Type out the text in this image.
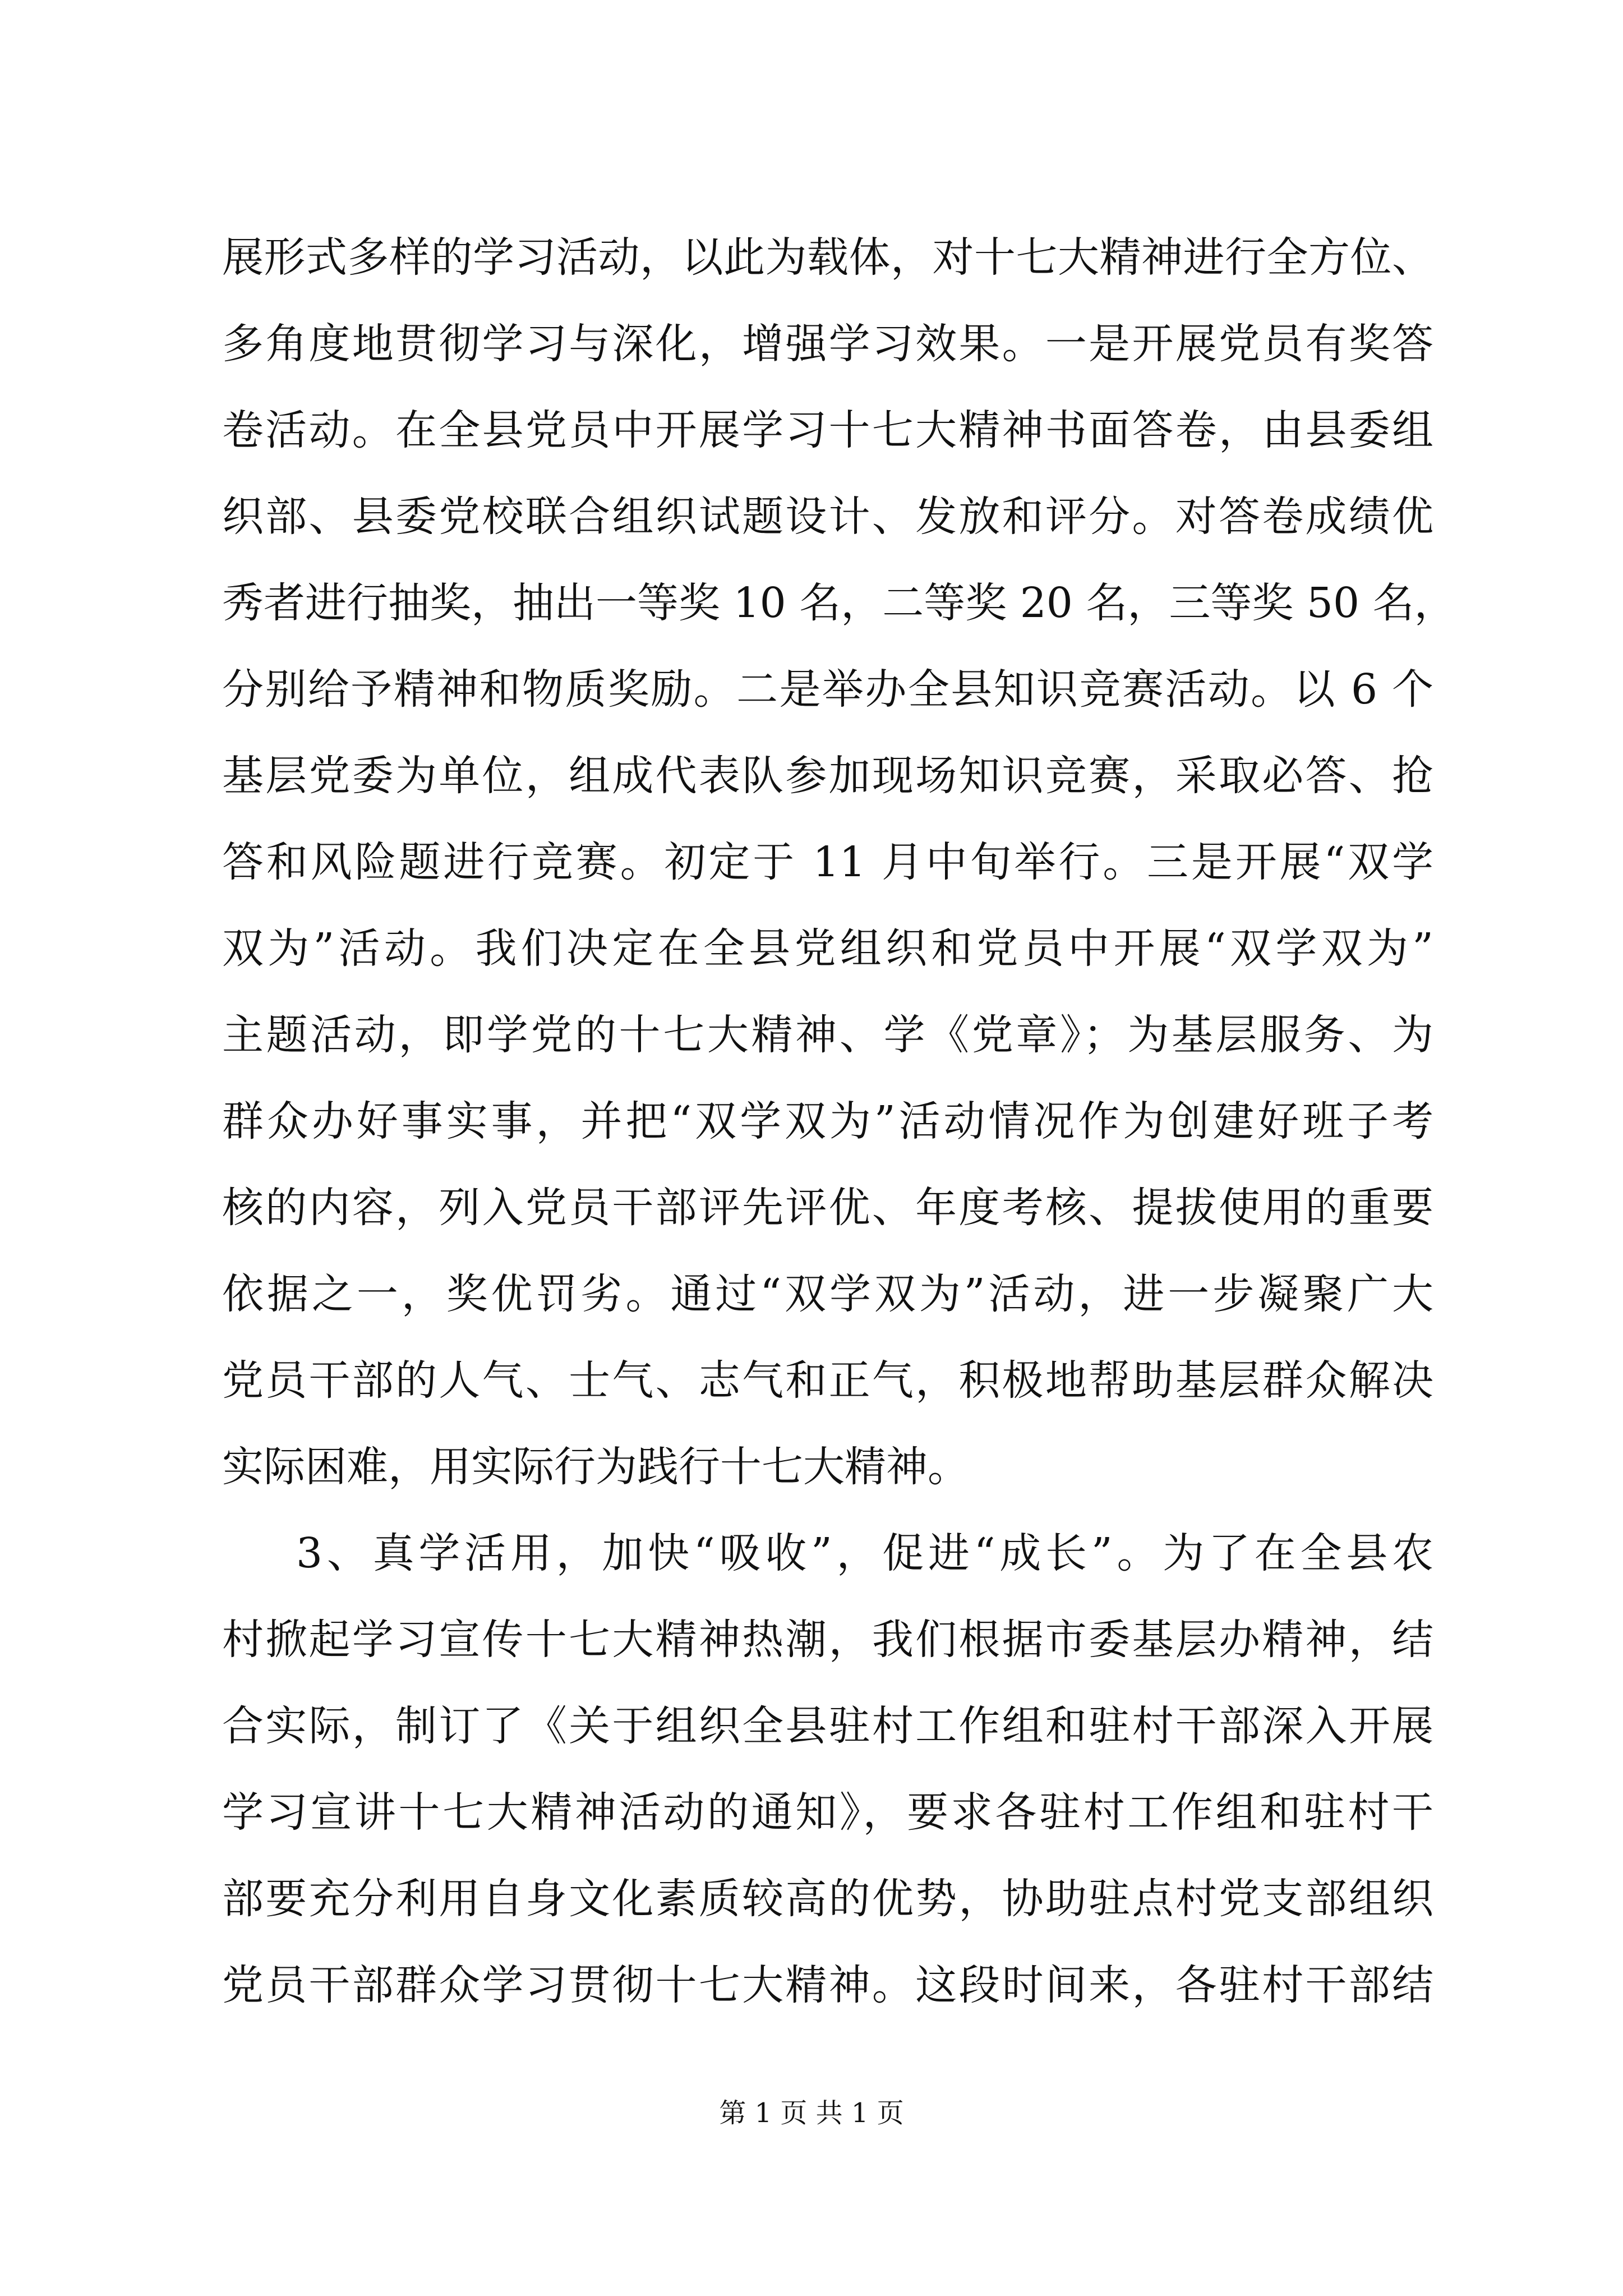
展形式多样的学习活动，以此为载体，对十七大精神进行全方位、
多角度地贯彻学习与深化，增强学习效果。一是开展党员有奖答
卷活动。在全县党员中开展学习十七大精神书面答卷，由县委组
织部、县委党校联合组织试题设计、发放和评分。对答卷成绩优
秀者进行抽奖，抽出一等奖 10 名，二等奖 20 名，三等奖 50 名，
分别给予精神和物质奖励。二是举办全县知识竞赛活动。以 6 个
基层党委为单位，组成代表队参加现场知识竞赛，采取必答、抢
答和风险题进行竞赛。初定于 11 月中旬举行。三是开展“双学
双为”活动。我们决定在全县党组织和党员中开展“双学双为”
主题活动，即学党的十七大精神、学《党章》；为基层服务、为
群众办好事实事，并把“双学双为”活动情况作为创建好班子考
核的内容，列入党员干部评先评优、年度考核、提拔使用的重要
依据之一，奖优罚劣。通过“双学双为”活动，进一步凝聚广大
党员干部的人气、士气、志气和正气，积极地帮助基层群众解决
实际困难，用实际行为践行十七大精神。
3、真学活用，加快“吸收”，促进“成长”。为了在全县农
村掀起学习宣传十七大精神热潮，我们根据市委基层办精神，结
合实际，制订了《关于组织全县驻村工作组和驻村干部深入开展
学习宣讲十七大精神活动的通知》，要求各驻村工作组和驻村干
部要充分利用自身文化素质较高的优势，协助驻点村党支部组织
党员干部群众学习贯彻十七大精神。这段时间来，各驻村干部结
第 1 页 共 1 页
